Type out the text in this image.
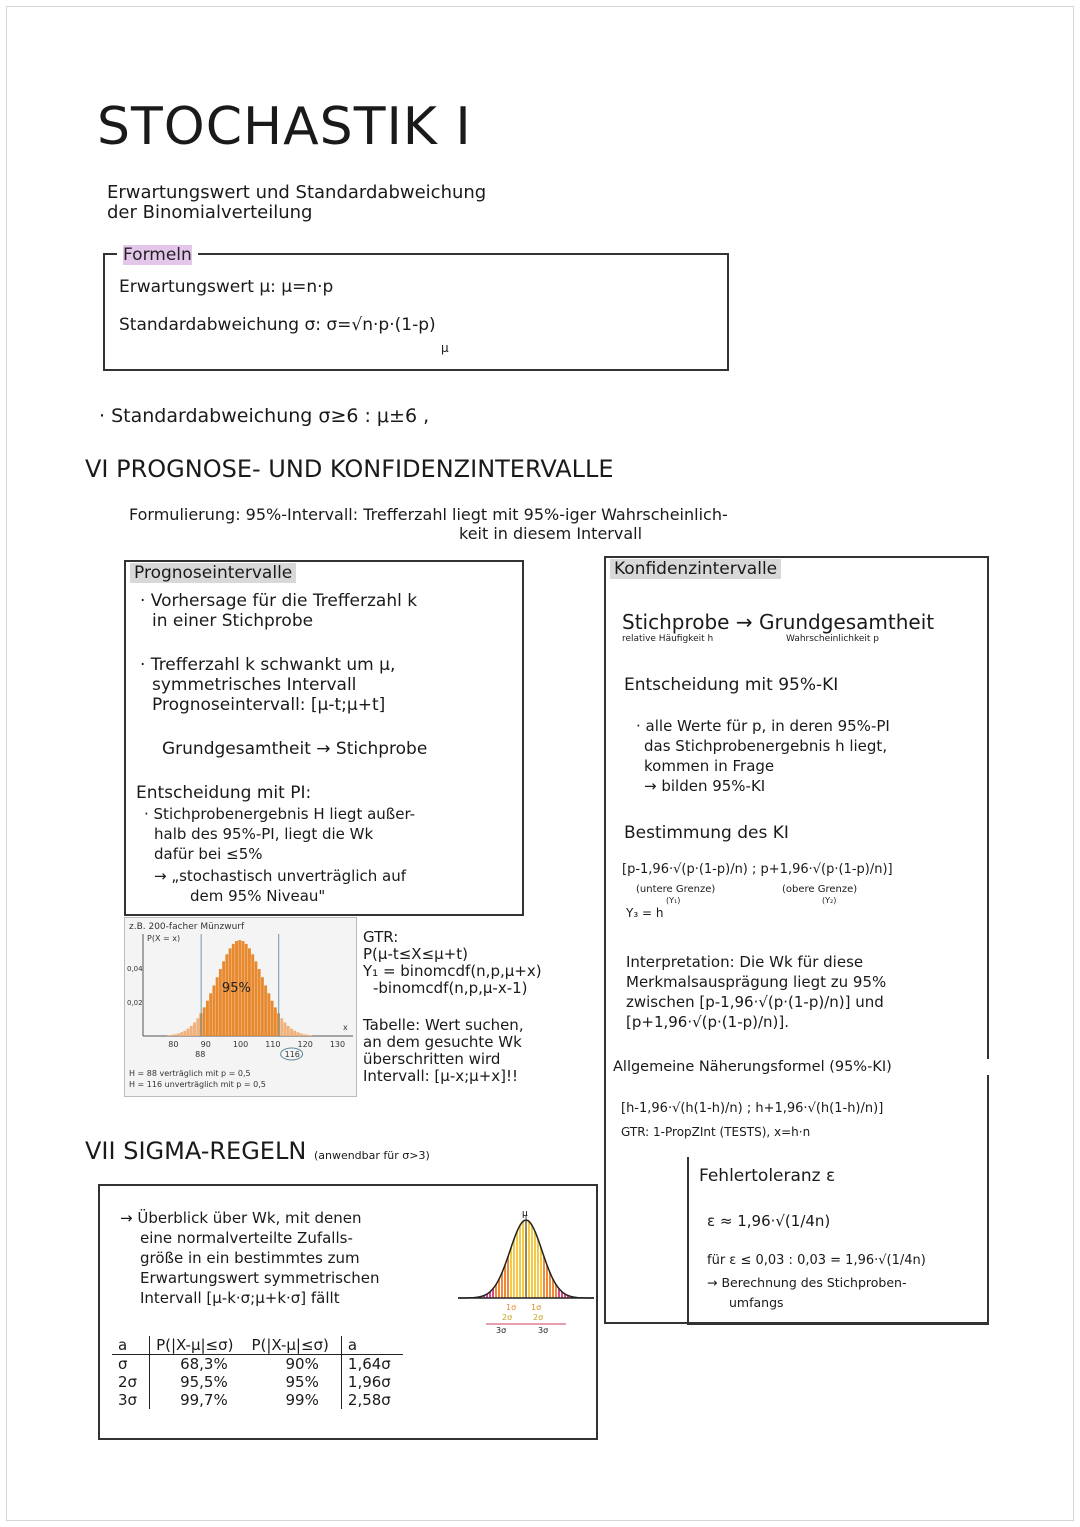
STOCHASTIK I
Erwartungswert und Standardabweichung
der Binomialverteilung
Formeln
Erwartungswert μ: μ=n·p
Standardabweichung σ: σ=√n·p·(1-p)
μ
· Standardabweichung σ≥6 : μ±6 ,
VI PROGNOSE- UND KONFIDENZINTERVALLE
Formulierung: 95%-Intervall: Trefferzahl liegt mit 95%-iger Wahrscheinlich-
keit in diesem Intervall
Prognoseintervalle
· Vorhersage für die Trefferzahl k
in einer Stichprobe
· Trefferzahl k schwankt um μ,
symmetrisches Intervall
Prognoseintervall: [μ-t;μ+t]
Grundgesamtheit → Stichprobe
Entscheidung mit PI:
· Stichprobenergebnis H liegt außer-
halb des 95%-PI, liegt die Wk
dafür bei ≤5%
→ „stochastisch unverträglich auf
dem 95% Niveau"
z.B. 200-facher Münzwurf
P(X = x)
x
80	90	100 110 120 130
0,02
0,04
95%
88	116
H = 88 verträglich mit p = 0,5
H = 116 unverträglich mit p = 0,5
GTR:
P(μ-t≤X≤μ+t)
Y₁ = binomcdf(n,p,μ+x)
-binomcdf(n,p,μ-x-1)
Tabelle: Wert suchen,
an dem gesuchte Wk
überschritten wird
Intervall: [μ-x;μ+x]!!
Konfidenzintervalle
Stichprobe → Grundgesamtheit
relative Häufigkeit h	Wahrscheinlichkeit p
Entscheidung mit 95%-KI
· alle Werte für p, in deren 95%-PI
das Stichprobenergebnis h liegt,
kommen in Frage
→ bilden 95%-KI
Bestimmung des KI
[p-1,96·√(p·(1-p)/n) ; p+1,96·√(p·(1-p)/n)]
(untere Grenze)	(obere Grenze)
(Y₁)	(Y₂)
Y₃ = h
Interpretation: Die Wk für diese
Merkmalsausprägung liegt zu 95%
zwischen [p-1,96·√(p·(1-p)/n)] und
[p+1,96·√(p·(1-p)/n)].
Allgemeine Näherungsformel (95%-KI)
[h-1,96·√(h(1-h)/n) ; h+1,96·√(h(1-h)/n)]
GTR: 1-PropZInt (TESTS), x=h·n
Fehlertoleranz ε
ε ≈ 1,96·√(1/4n)
für ε ≤ 0,03 : 0,03 = 1,96·√(1/4n)
→ Berechnung des Stichproben-
umfangs
VII SIGMA-REGELN (anwendbar für σ>3)
→ Überblick über Wk, mit denen
eine normalverteilte Zufalls-
größe in ein bestimmtes zum
Erwartungswert symmetrischen
Intervall [μ-k·σ;μ+k·σ] fällt
μ
1σ 1σ
2σ	2σ
3σ	3σ
a	P(|X-μ|≤σ)	P(|X-μ|≤σ)	a
σ	68,3%	90%	1,64σ
2σ	95,5%	95%	1,96σ
3σ	99,7%	99%	2,58σ
